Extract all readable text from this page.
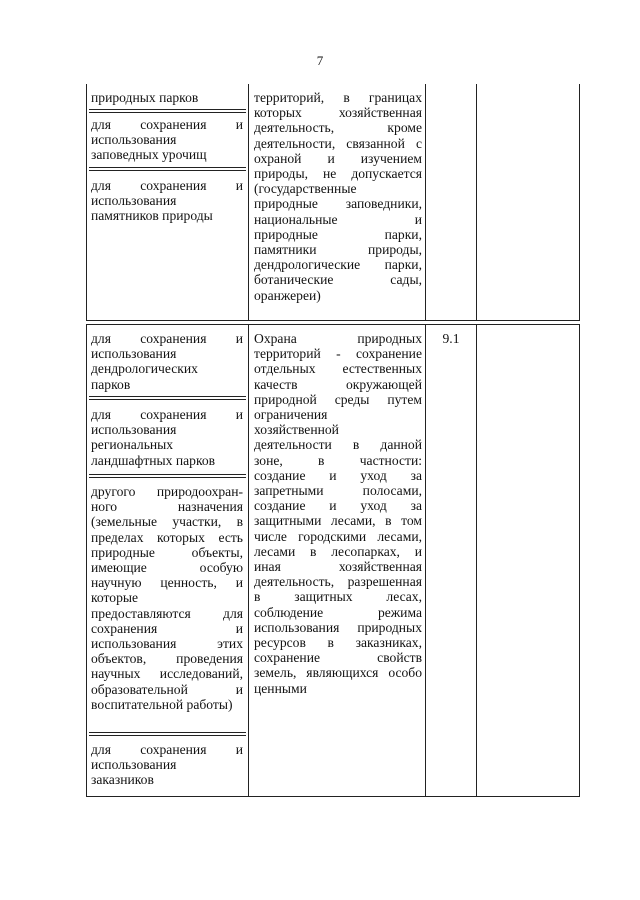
7
природных парков
для сохранения и
использования
заповедных урочищ
для сохранения и
использования
памятников природы
территорий, в границах
которых хозяйственная
деятельность, кроме
деятельности, связанной с
охраной и изучением
природы, не допускается
(государственные
природные заповедники,
национальные и
природные парки,
памятники природы,
дендрологические парки,
ботанические сады,
оранжереи)
для сохранения и
использования
дендрологических
парков
для сохранения и
использования
региональных
ландшафтных парков
другого природоохран-
ного назначения
(земельные участки, в
пределах которых есть
природные объекты,
имеющие особую
научную ценность, и
которые
предоставляются для
сохранения и
использования этих
объектов, проведения
научных исследований,
образовательной и
воспитательной работы)
для сохранения и
использования
заказников
Охрана природных
территорий - сохранение
отдельных естественных
качеств окружающей
природной среды путем
ограничения
хозяйственной
деятельности в данной
зоне, в частности:
создание и уход за
запретными полосами,
создание и уход за
защитными лесами, в том
числе городскими лесами,
лесами в лесопарках, и
иная хозяйственная
деятельность, разрешенная
в защитных лесах,
соблюдение режима
использования природных
ресурсов в заказниках,
сохранение свойств
земель, являющихся особо
ценными
9.1
